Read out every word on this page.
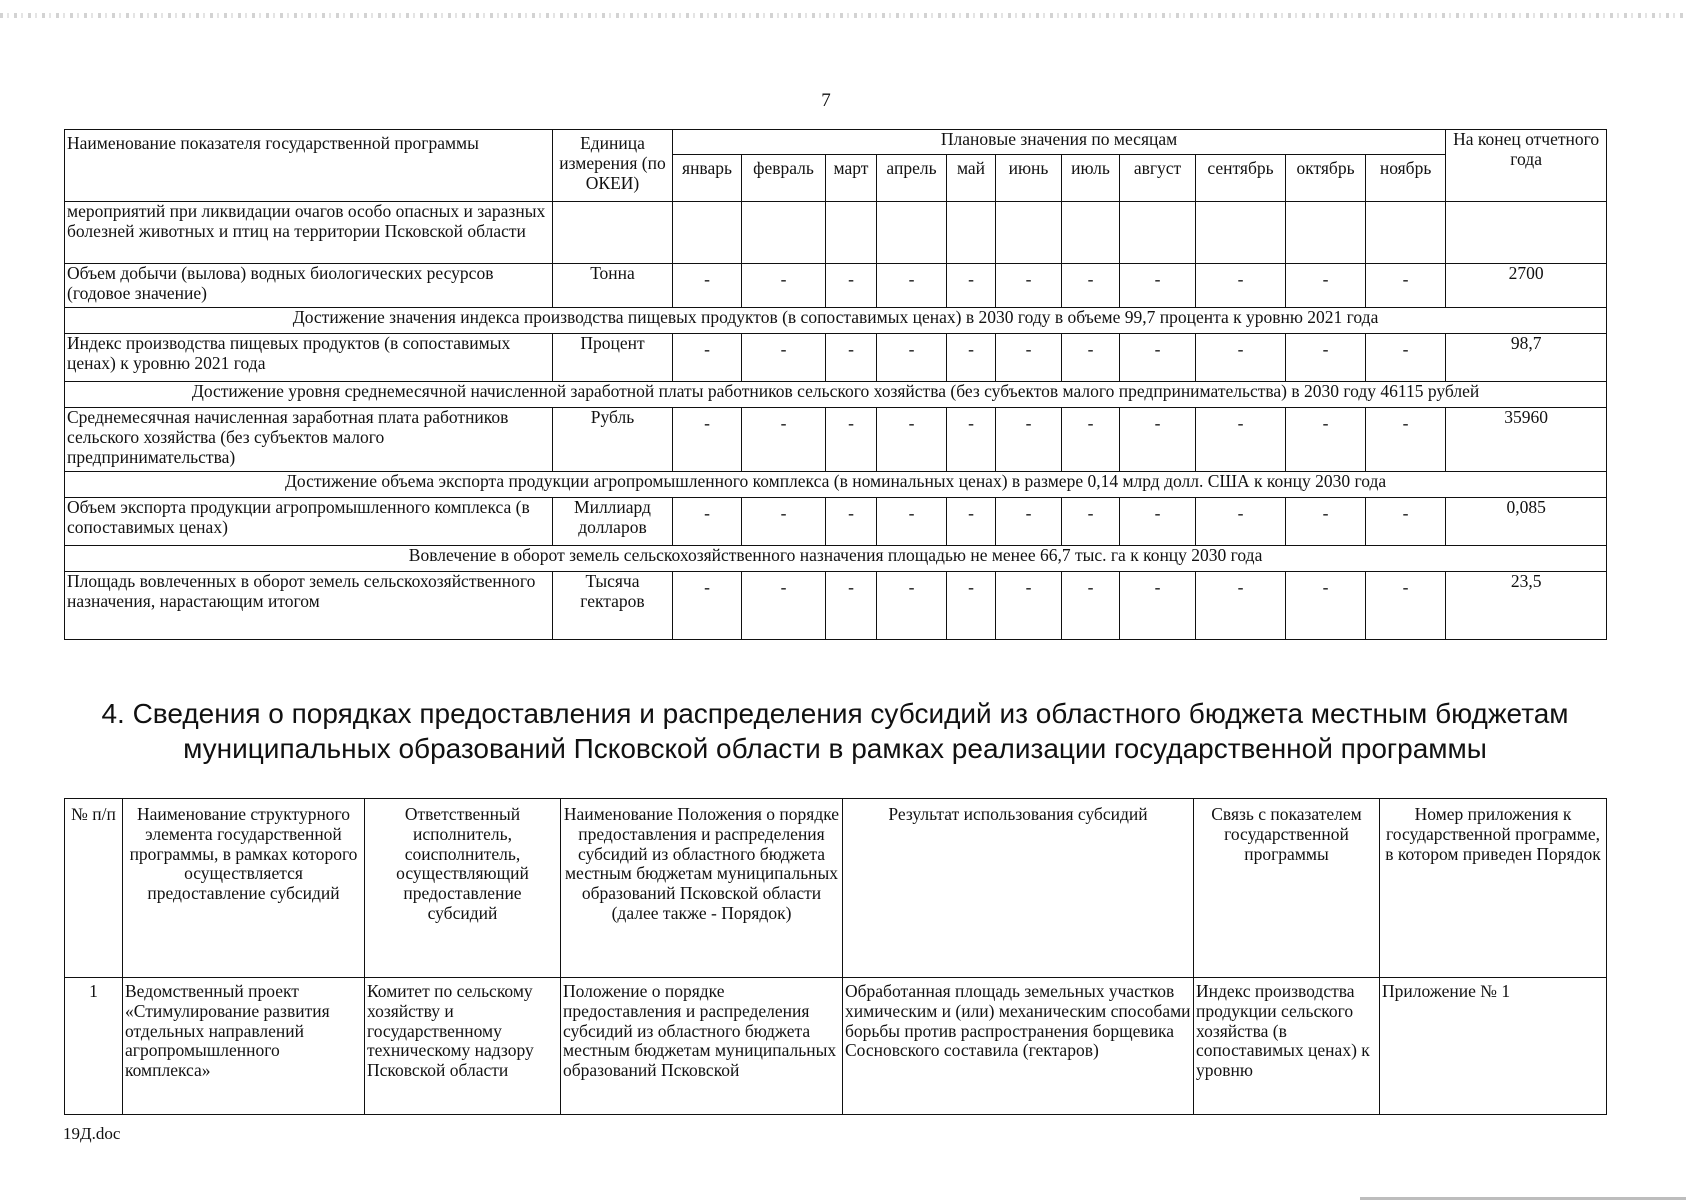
7
Наименование показателя государственной программы	Единица измерения (по ОКЕИ)	Плановые значения по месяцам											На конец отчетного года
		январь	февраль	март	апрель	май	июнь	июль	август	сентябрь	октябрь	ноябрь	
мероприятий при ликвидации очагов особо опасных и заразных болезней животных и птиц на территории Псковской области													
Объем добычи (вылова) водных биологических ресурсов (годовое значение)	Тонна	-	-	-	-	-	-	-	-	-	-	-	2700
Достижение значения индекса производства пищевых продуктов (в сопоставимых ценах) в 2030 году в объеме 99,7 процента к уровню 2021 года													
Индекс производства пищевых продуктов (в сопоставимых ценах) к уровню 2021 года	Процент	-	-	-	-	-	-	-	-	-	-	-	98,7
Достижение уровня среднемесячной начисленной заработной платы работников сельского хозяйства (без субъектов малого предпринимательства) в 2030 году 46115 рублей													
Среднемесячная начисленная заработная плата работников сельского хозяйства (без субъектов малого предпринимательства)	Рубль	-	-	-	-	-	-	-	-	-	-	-	35960
Достижение объема экспорта продукции агропромышленного комплекса (в номинальных ценах) в размере 0,14 млрд долл. США к концу 2030 года													
Объем экспорта продукции агропромышленного комплекса (в сопоставимых ценах)	Миллиард долларов	-	-	-	-	-	-	-	-	-	-	-	0,085
Вовлечение в оборот земель сельскохозяйственного назначения площадью не менее 66,7 тыс. га к концу 2030 года													
Площадь вовлеченных в оборот земель сельскохозяйственного назначения, нарастающим итогом	Тысяча гектаров	-	-	-	-	-	-	-	-	-	-	-	23,5
4. Сведения о порядках предоставления и распределения субсидий из областного бюджета местным бюджетам муниципальных образований Псковской области в рамках реализации государственной программы
№ п/п	Наименование структурного элемента государственной программы, в рамках которого осуществляется предоставление субсидий	Ответственный исполнитель, соисполнитель, осуществляющий предоставление субсидий	Наименование Положения о порядке предоставления и распределения субсидий из областного бюджета местным бюджетам муниципальных образований Псковской области (далее также - Порядок)	Результат использования субсидий	Связь с показателем государственной программы	Номер приложения к государственной программе, в котором приведен Порядок
1	Ведомственный проект «Стимулирование развития отдельных направлений агропромышленного комплекса»	Комитет по сельскому хозяйству и государственному техническому надзору Псковской области	Положение о порядке предоставления и распределения субсидий из областного бюджета местным бюджетам муниципальных образований Псковской	Обработанная площадь земельных участков химическим и (или) механическим способами борьбы против распространения борщевика Сосновского составила (гектаров)	Индекс производства продукции сельского хозяйства (в сопоставимых ценах) к уровню	Приложение № 1
19Д.doc
